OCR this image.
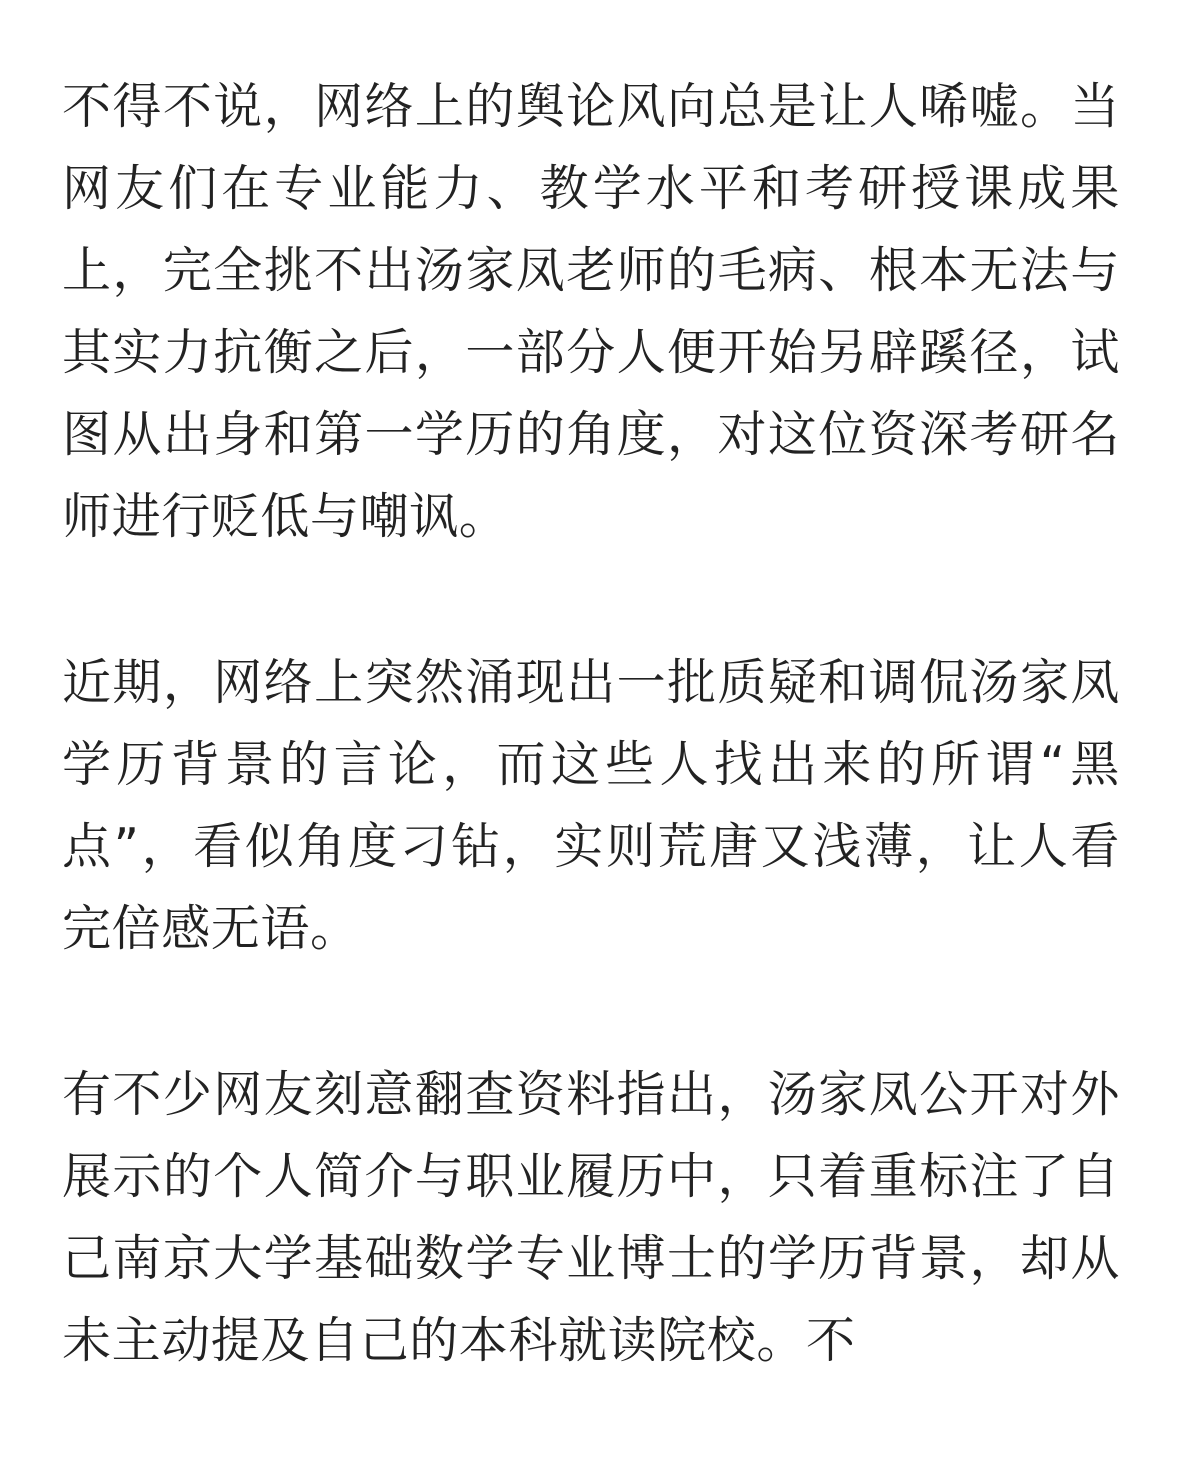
不得不说，网络上的舆论风向总是让人唏嘘。当网友们在专业能力、教学水平和考研授课成果上，完全挑不出汤家凤老师的毛病、根本无法与其实力抗衡之后，一部分人便开始另辟蹊径，试图从出身和第一学历的角度，对这位资深考研名师进行贬低与嘲讽。

近期，网络上突然涌现出一批质疑和调侃汤家凤学历背景的言论，而这些人找出来的所谓“黑点”，看似角度刁钻，实则荒唐又浅薄，让人看完倍感无语。

有不少网友刻意翻查资料指出，汤家凤公开对外展示的个人简介与职业履历中，只着重标注了自己南京大学基础数学专业博士的学历背景，却从未主动提及自己的本科就读院校。不
